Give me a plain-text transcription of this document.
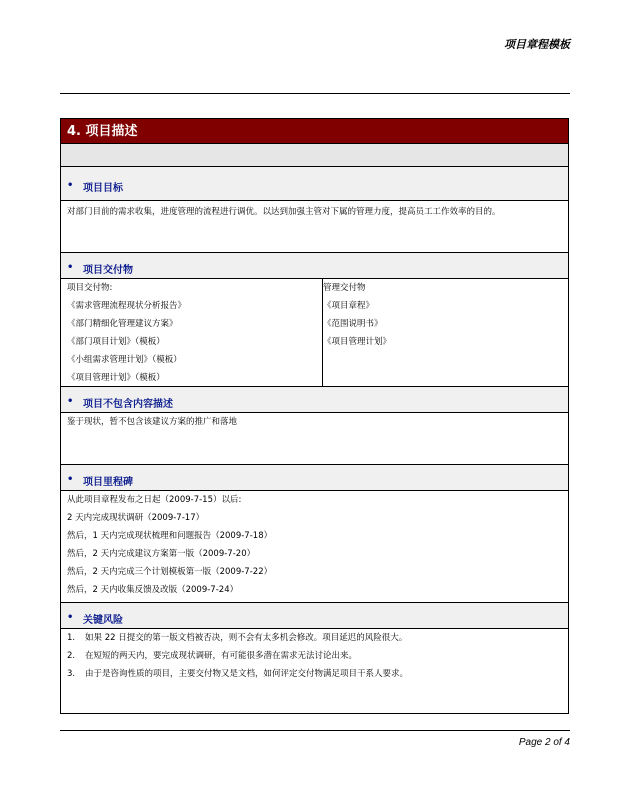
项目章程模板
4. 项目描述
• 项目目标
对部门目前的需求收集，进度管理的流程进行调优。以达到加强主管对下属的管理力度，提高员工工作效率的目的。
• 项目交付物
项目交付物:
《需求管理流程现状分析报告》
《部门精细化管理建议方案》
《部门项目计划》（模板）
《小组需求管理计划》（模板）
《项目管理计划》（模板）
管理交付物
《项目章程》
《范围说明书》
《项目管理计划》
• 项目不包含内容描述
鉴于现状，暂不包含该建议方案的推广和落地
• 项目里程碑
从此项目章程发布之日起（2009-7-15）以后:
2 天内完成现状调研（2009-7-17）
然后，1 天内完成现状梳理和问题报告（2009-7-18）
然后，2 天内完成建议方案第一版（2009-7-20）
然后，2 天内完成三个计划模板第一版（2009-7-22）
然后，2 天内收集反馈及改版（2009-7-24）
• 关键风险
1. 如果 22 日提交的第一版文档被否决，则不会有太多机会修改。项目延迟的风险很大。
2. 在短短的两天内，要完成现状调研，有可能很多潜在需求无法讨论出来。
3. 由于是咨询性质的项目，主要交付物又是文档，如何评定交付物满足项目干系人要求。
Page 2 of 4
